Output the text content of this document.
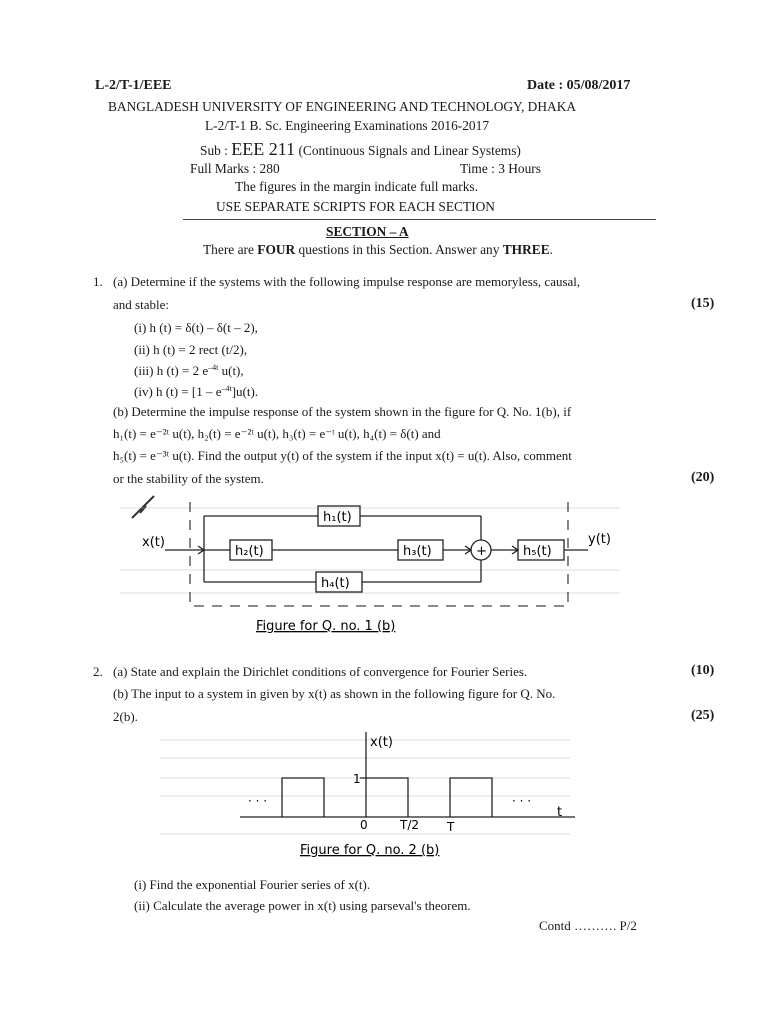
L-2/T-1/EEE	Date : 05/08/2017
BANGLADESH UNIVERSITY OF ENGINEERING AND TECHNOLOGY, DHAKA
L-2/T-1 B. Sc. Engineering Examinations 2016-2017
Sub : EEE 211 (Continuous Signals and Linear Systems)
Full Marks : 280	Time : 3 Hours
The figures in the margin indicate full marks.
USE SEPARATE SCRIPTS FOR EACH SECTION
SECTION – A
There are FOUR questions in this Section. Answer any THREE.
1. (a) Determine if the systems with the following impulse response are memoryless, causal,
and stable:	(15)
(i) h (t) = δ(t) – δ(t – 2),
(ii) h (t) = 2 rect (t/2),
(iii) h (t) = 2 $e^{-4t}$ u(t),
(iv) h $(t) = [1 - e^{-4t}]u(t)$.
(b) Determine the impulse response of the system shown in the figure for Q. No. 1(b), if
h₁(t) = e⁻²ᵗ u(t), h₂(t) = e⁻²ᵗ u(t), h₃(t) = e⁻ᵗ u(t), h₄(t) = δ(t) and
h₅(t) = e⁻³ᵗ u(t). Find the output y(t) of the system if the input x(t) = u(t). Also, comment
or the stability of the system.	(20)
h₁(t)
h₂(t)	h₃(t)
h₄(t)
h₅(t)
+
x(t)	y(t)
Figure for Q. no. 1 (b)
2. (a) State and explain the Dirichlet conditions of convergence for Fourier Series.	(10)
(b) The input to a system in given by x(t) as shown in the following figure for Q. No.
2(b).	(25)
x(t)
1
0	T/2 T
t
· · ·	· · ·
Figure for Q. no. 2 (b)
(i) Find the exponential Fourier series of x(t).
(ii) Calculate the average power in x(t) using parseval's theorem.
Contd ………. P/2
